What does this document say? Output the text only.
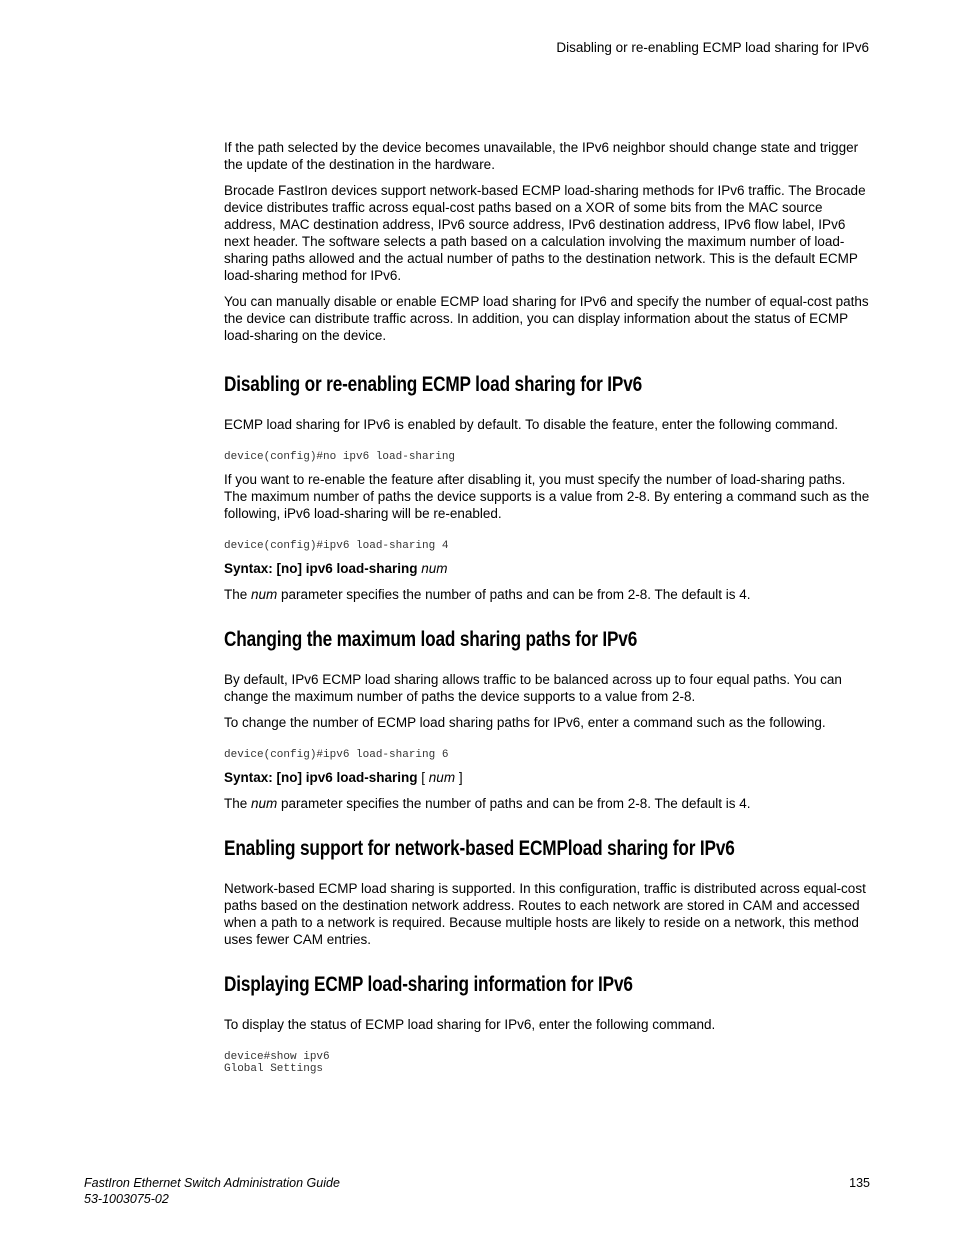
Disabling or re-enabling ECMP load sharing for IPv6

If the path selected by the device becomes unavailable, the IPv6 neighbor should change state and trigger the update of the destination in the hardware.

Brocade FastIron devices support network-based ECMP load-sharing methods for IPv6 traffic. The Brocade device distributes traffic across equal-cost paths based on a XOR of some bits from the MAC source address, MAC destination address, IPv6 source address, IPv6 destination address, IPv6 flow label, IPv6 next header. The software selects a path based on a calculation involving the maximum number of load-sharing paths allowed and the actual number of paths to the destination network. This is the default ECMP load-sharing method for IPv6.

You can manually disable or enable ECMP load sharing for IPv6 and specify the number of equal-cost paths the device can distribute traffic across. In addition, you can display information about the status of ECMP load-sharing on the device.

Disabling or re-enabling ECMP load sharing for IPv6

ECMP load sharing for IPv6 is enabled by default. To disable the feature, enter the following command.

device(config)#no ipv6 load-sharing

If you want to re-enable the feature after disabling it, you must specify the number of load-sharing paths. The maximum number of paths the device supports is a value from 2-8. By entering a command such as the following, iPv6 load-sharing will be re-enabled.

device(config)#ipv6 load-sharing 4

Syntax: [no] ipv6 load-sharing num

The num parameter specifies the number of paths and can be from 2-8. The default is 4.

Changing the maximum load sharing paths for IPv6

By default, IPv6 ECMP load sharing allows traffic to be balanced across up to four equal paths. You can change the maximum number of paths the device supports to a value from 2-8.

To change the number of ECMP load sharing paths for IPv6, enter a command such as the following.

device(config)#ipv6 load-sharing 6

Syntax: [no] ipv6 load-sharing [ num ]

The num parameter specifies the number of paths and can be from 2-8. The default is 4.

Enabling support for network-based ECMPload sharing for IPv6

Network-based ECMP load sharing is supported. In this configuration, traffic is distributed across equal-cost paths based on the destination network address. Routes to each network are stored in CAM and accessed when a path to a network is required. Because multiple hosts are likely to reside on a network, this method uses fewer CAM entries.

Displaying ECMP load-sharing information for IPv6

To display the status of ECMP load sharing for IPv6, enter the following command.

device#show ipv6
Global Settings
FastIron Ethernet Switch Administration Guide
53-1003075-02
135
